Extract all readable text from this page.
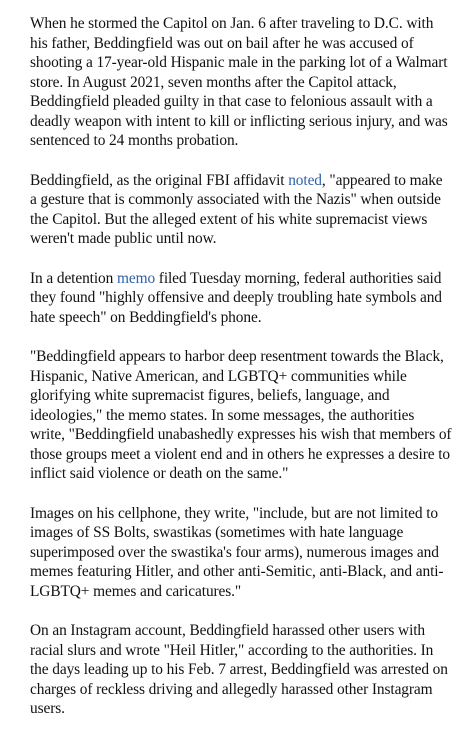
When he stormed the Capitol on Jan. 6 after traveling to D.C. with his father, Beddingfield was out on bail after he was accused of shooting a 17-year-old Hispanic male in the parking lot of a Walmart store. In August 2021, seven months after the Capitol attack, Beddingfield pleaded guilty in that case to felonious assault with a deadly weapon with intent to kill or inflicting serious injury, and was sentenced to 24 months probation.

Beddingfield, as the original FBI affidavit noted, "appeared to make a gesture that is commonly associated with the Nazis" when outside the Capitol. But the alleged extent of his white supremacist views weren't made public until now.

In a detention memo filed Tuesday morning, federal authorities said they found "highly offensive and deeply troubling hate symbols and hate speech" on Beddingfield's phone.

"Beddingfield appears to harbor deep resentment towards the Black, Hispanic, Native American, and LGBTQ+ communities while glorifying white supremacist figures, beliefs, language, and ideologies," the memo states. In some messages, the authorities write, "Beddingfield unabashedly expresses his wish that members of those groups meet a violent end and in others he expresses a desire to inflict said violence or death on the same."

Images on his cellphone, they write, "include, but are not limited to images of SS Bolts, swastikas (sometimes with hate language superimposed over the swastika's four arms), numerous images and memes featuring Hitler, and other anti-Semitic, anti-Black, and anti-LGBTQ+ memes and caricatures."

On an Instagram account, Beddingfield harassed other users with racial slurs and wrote "Heil Hitler," according to the authorities. In the days leading up to his Feb. 7 arrest, Beddingfield was arrested on charges of reckless driving and allegedly harassed other Instagram users.
